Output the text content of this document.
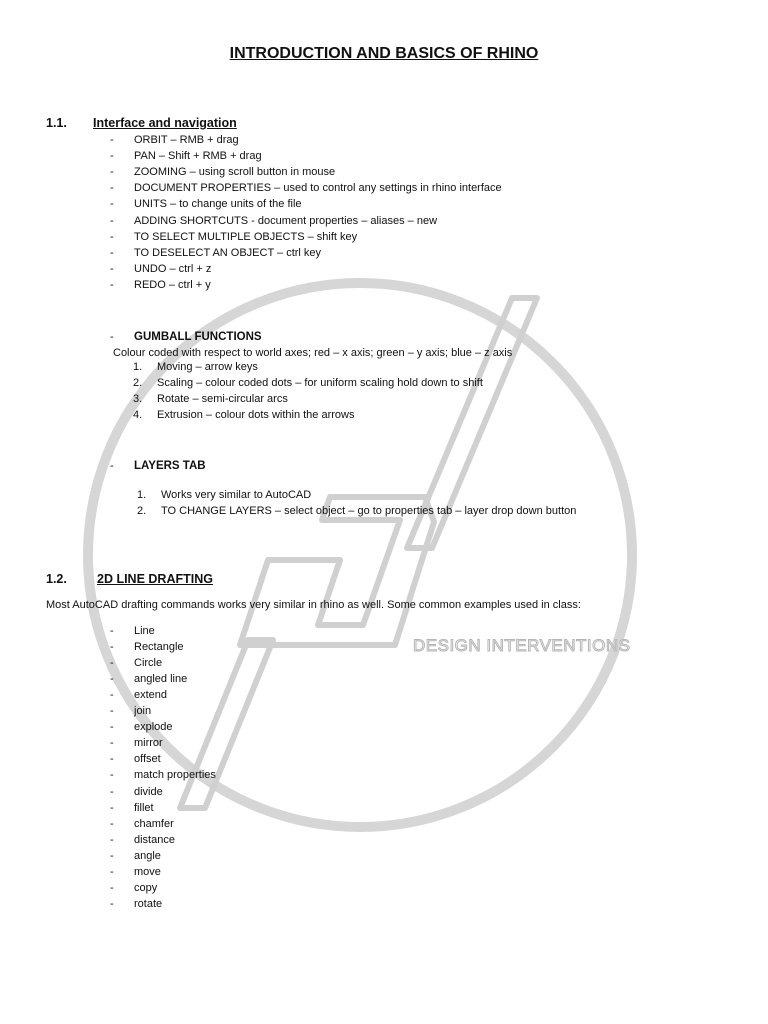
DESIGN INTERVENTIONS
INTRODUCTION AND BASICS OF RHINO
1.1. Interface and navigation
- ORBIT – RMB + drag
- PAN – Shift + RMB + drag
- ZOOMING – using scroll button in mouse
- DOCUMENT PROPERTIES – used to control any settings in rhino interface
- UNITS – to change units of the file
- ADDING SHORTCUTS - document properties – aliases – new
- TO SELECT MULTIPLE OBJECTS – shift key
- TO DESELECT AN OBJECT – ctrl key
- UNDO – ctrl + z
- REDO – ctrl + y
- GUMBALL FUNCTIONS
Colour coded with respect to world axes; red – x axis; green – y axis; blue – z axis
1. Moving – arrow keys
2. Scaling – colour coded dots – for uniform scaling hold down to shift
3. Rotate – semi-circular arcs
4. Extrusion – colour dots within the arrows
- LAYERS TAB
1. Works very similar to AutoCAD
2. TO CHANGE LAYERS – select object – go to properties tab – layer drop down button
1.2. 2D LINE DRAFTING
Most AutoCAD drafting commands works very similar in rhino as well. Some common examples used in class:
- Line
- Rectangle
- Circle
- angled line
- extend
- join
- explode
- mirror
- offset
- match properties
- divide
- fillet
- chamfer
- distance
- angle
- move
- copy
- rotate
